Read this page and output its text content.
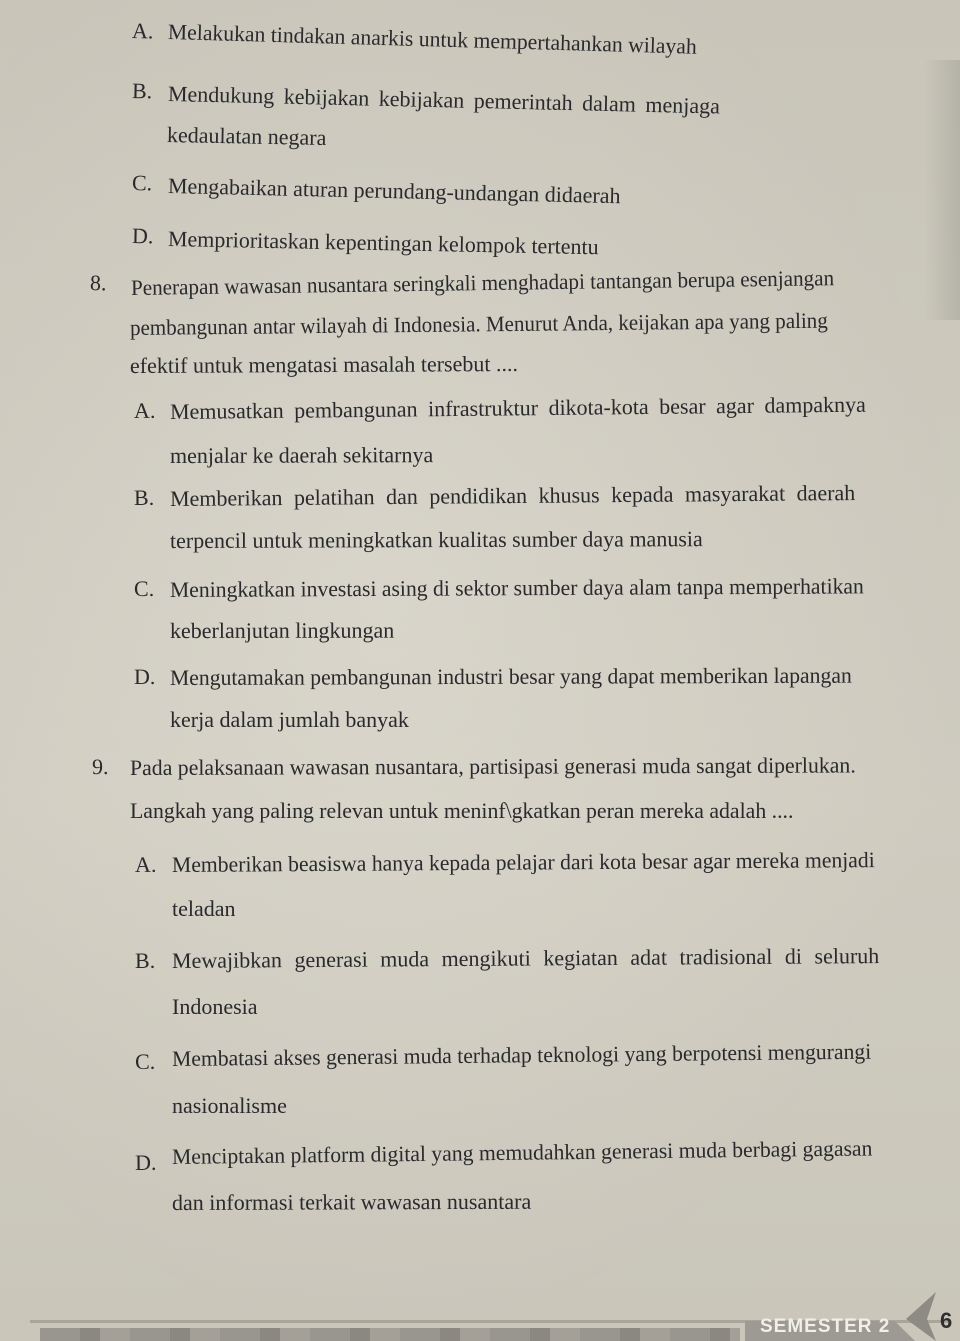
A. Melakukan tindakan anarkis untuk mempertahankan wilayah
B. Mendukung kebijakan kebijakan pemerintah dalam menjaga
kedaulatan negara
C. Mengabaikan aturan perundang-undangan didaerah
D. Memprioritaskan kepentingan kelompok tertentu
8. Penerapan wawasan nusantara seringkali menghadapi tantangan berupa esenjangan
pembangunan antar wilayah di Indonesia. Menurut Anda, keijakan apa yang paling
efektif untuk mengatasi masalah tersebut ....
A. Memusatkan pembangunan infrastruktur dikota-kota besar agar dampaknya
menjalar ke daerah sekitarnya
B. Memberikan pelatihan dan pendidikan khusus kepada masyarakat daerah
terpencil untuk meningkatkan kualitas sumber daya manusia
C. Meningkatkan investasi asing di sektor sumber daya alam tanpa memperhatikan
keberlanjutan lingkungan
D. Mengutamakan pembangunan industri besar yang dapat memberikan lapangan
kerja dalam jumlah banyak
9. Pada pelaksanaan wawasan nusantara, partisipasi generasi muda sangat diperlukan.
Langkah yang paling relevan untuk meninf\gkatkan peran mereka adalah ....
A. Memberikan beasiswa hanya kepada pelajar dari kota besar agar mereka menjadi
teladan
B. Mewajibkan generasi muda mengikuti kegiatan adat tradisional di seluruh
Indonesia
C. Membatasi akses generasi muda terhadap teknologi yang berpotensi mengurangi
nasionalisme
D. Menciptakan platform digital yang memudahkan generasi muda berbagi gagasan
dan informasi terkait wawasan nusantara
SEMESTER 2 6
